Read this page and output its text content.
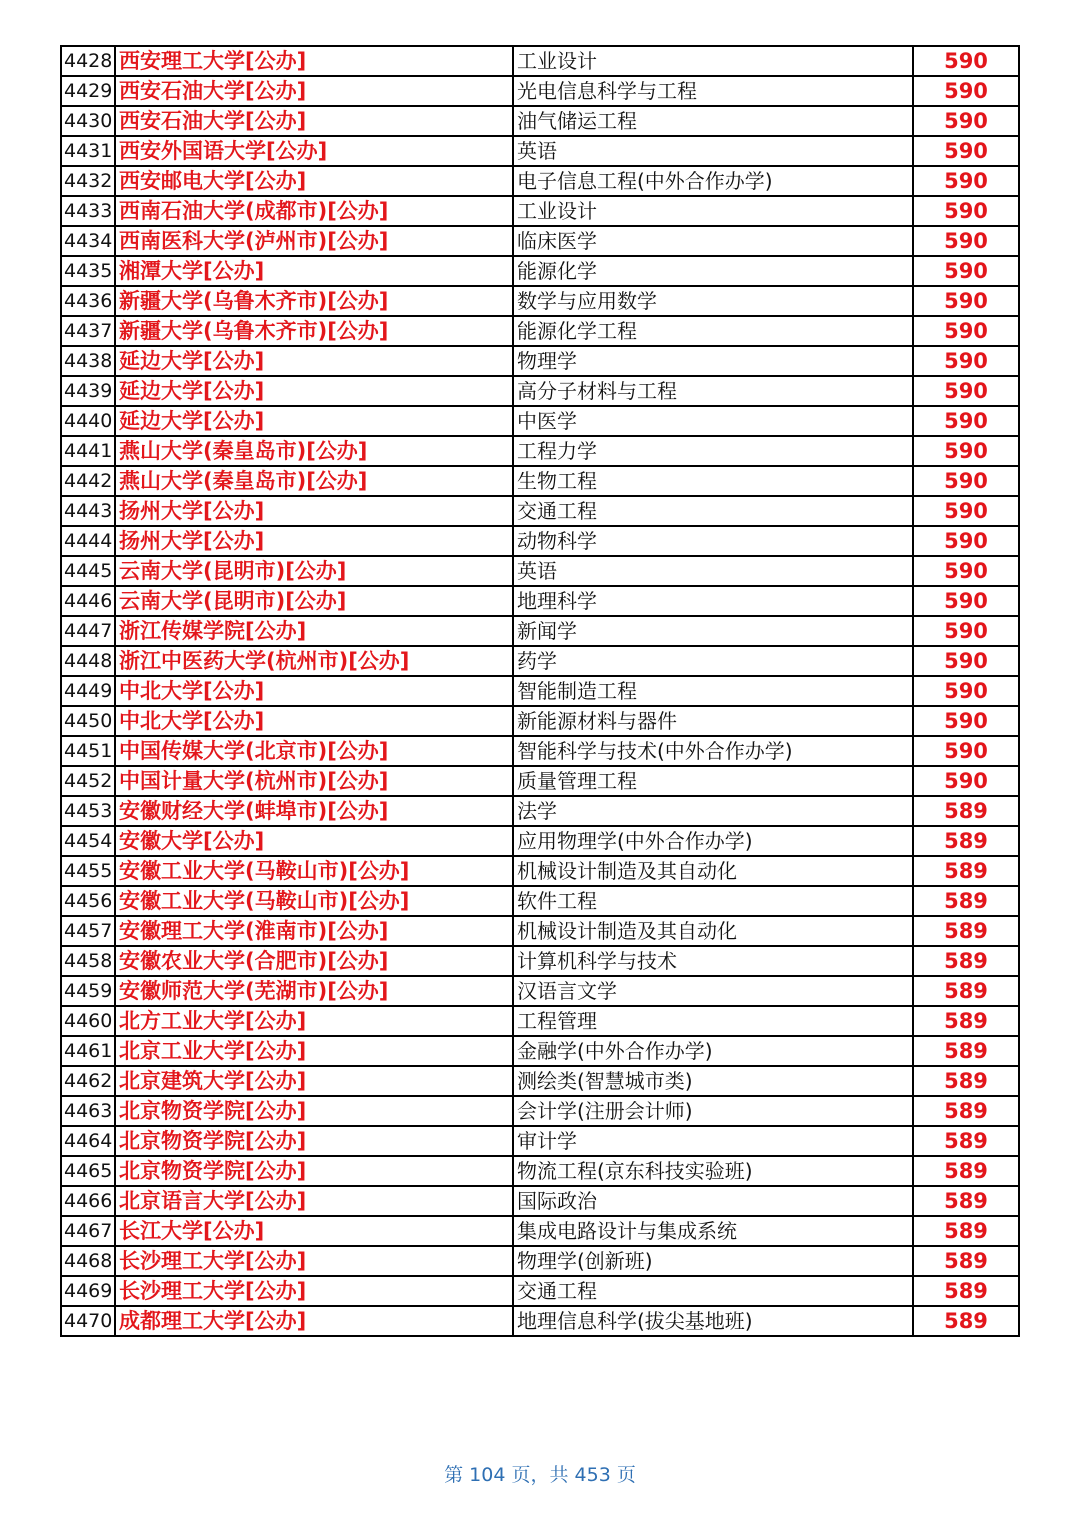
4428	西安理工大学[公办]	工业设计	590
4429	西安石油大学[公办]	光电信息科学与工程	590
4430	西安石油大学[公办]	油气储运工程	590
4431	西安外国语大学[公办]	英语	590
4432	西安邮电大学[公办]	电子信息工程(中外合作办学)	590
4433	西南石油大学(成都市)[公办]	工业设计	590
4434	西南医科大学(泸州市)[公办]	临床医学	590
4435	湘潭大学[公办]	能源化学	590
4436	新疆大学(乌鲁木齐市)[公办]	数学与应用数学	590
4437	新疆大学(乌鲁木齐市)[公办]	能源化学工程	590
4438	延边大学[公办]	物理学	590
4439	延边大学[公办]	高分子材料与工程	590
4440	延边大学[公办]	中医学	590
4441	燕山大学(秦皇岛市)[公办]	工程力学	590
4442	燕山大学(秦皇岛市)[公办]	生物工程	590
4443	扬州大学[公办]	交通工程	590
4444	扬州大学[公办]	动物科学	590
4445	云南大学(昆明市)[公办]	英语	590
4446	云南大学(昆明市)[公办]	地理科学	590
4447	浙江传媒学院[公办]	新闻学	590
4448	浙江中医药大学(杭州市)[公办]	药学	590
4449	中北大学[公办]	智能制造工程	590
4450	中北大学[公办]	新能源材料与器件	590
4451	中国传媒大学(北京市)[公办]	智能科学与技术(中外合作办学)	590
4452	中国计量大学(杭州市)[公办]	质量管理工程	590
4453	安徽财经大学(蚌埠市)[公办]	法学	589
4454	安徽大学[公办]	应用物理学(中外合作办学)	589
4455	安徽工业大学(马鞍山市)[公办]	机械设计制造及其自动化	589
4456	安徽工业大学(马鞍山市)[公办]	软件工程	589
4457	安徽理工大学(淮南市)[公办]	机械设计制造及其自动化	589
4458	安徽农业大学(合肥市)[公办]	计算机科学与技术	589
4459	安徽师范大学(芜湖市)[公办]	汉语言文学	589
4460	北方工业大学[公办]	工程管理	589
4461	北京工业大学[公办]	金融学(中外合作办学)	589
4462	北京建筑大学[公办]	测绘类(智慧城市类)	589
4463	北京物资学院[公办]	会计学(注册会计师)	589
4464	北京物资学院[公办]	审计学	589
4465	北京物资学院[公办]	物流工程(京东科技实验班)	589
4466	北京语言大学[公办]	国际政治	589
4467	长江大学[公办]	集成电路设计与集成系统	589
4468	长沙理工大学[公办]	物理学(创新班)	589
4469	长沙理工大学[公办]	交通工程	589
4470	成都理工大学[公办]	地理信息科学(拔尖基地班)	589
第 104 页，共 453 页
